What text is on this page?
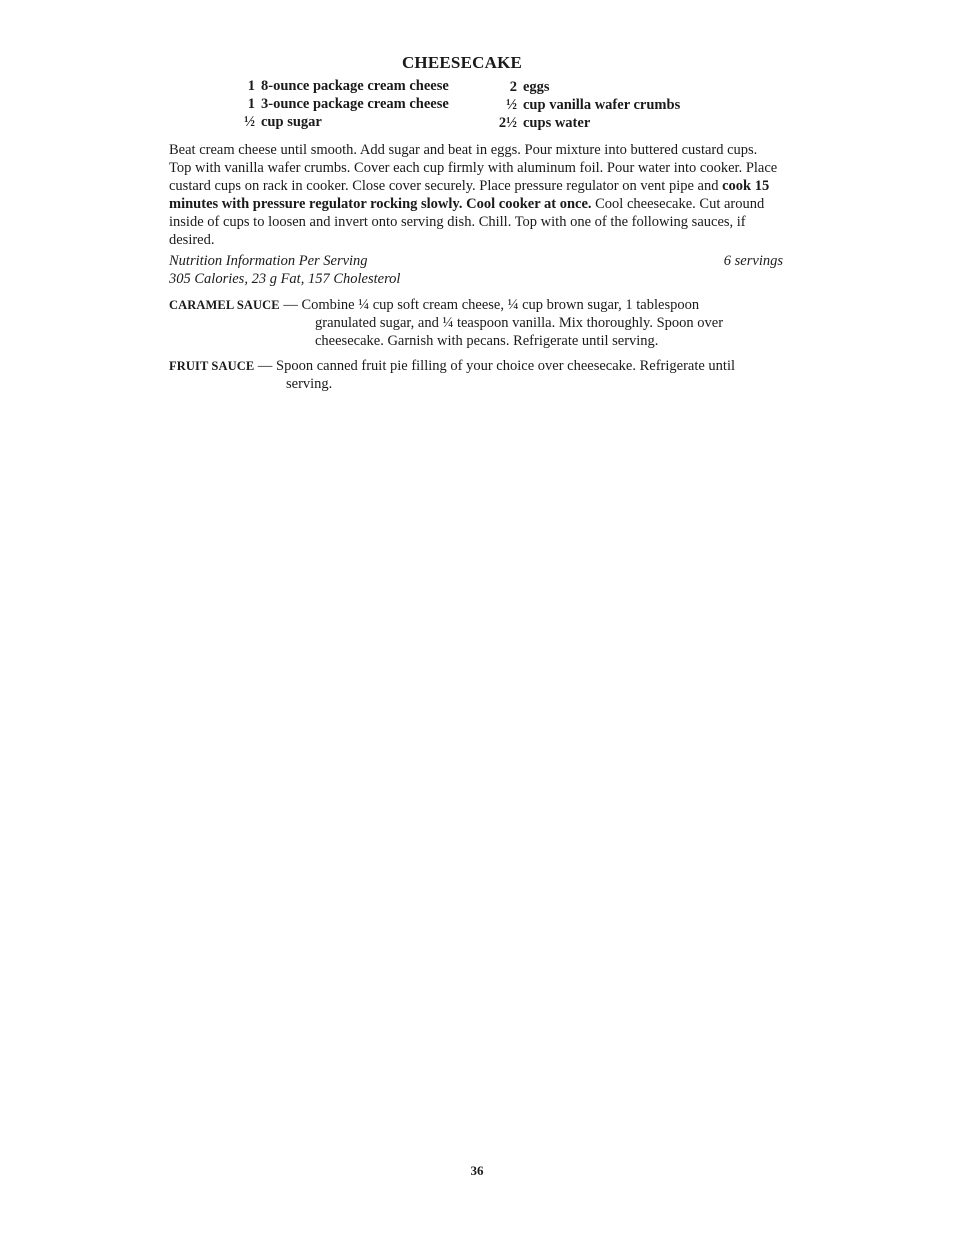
CHEESECAKE
1 8-ounce package cream cheese
1 3-ounce package cream cheese
½ cup sugar
2 eggs
½ cup vanilla wafer crumbs
2½ cups water
Beat cream cheese until smooth. Add sugar and beat in eggs. Pour mixture into buttered custard cups. Top with vanilla wafer crumbs. Cover each cup firmly with aluminum foil. Pour water into cooker. Place custard cups on rack in cooker. Close cover securely. Place pressure regulator on vent pipe and cook 15 minutes with pressure regulator rocking slowly. Cool cooker at once. Cool cheesecake. Cut around inside of cups to loosen and invert onto serving dish. Chill. Top with one of the following sauces, if desired.
Nutrition Information Per Serving	6 servings
305 Calories, 23 g Fat, 157 Cholesterol
CARAMEL SAUCE — Combine ¼ cup soft cream cheese, ¼ cup brown sugar, 1 tablespoon
granulated sugar, and ¼ teaspoon vanilla. Mix thoroughly. Spoon over
cheesecake. Garnish with pecans. Refrigerate until serving.
FRUIT SAUCE — Spoon canned fruit pie filling of your choice over cheesecake. Refrigerate until
serving.
36
